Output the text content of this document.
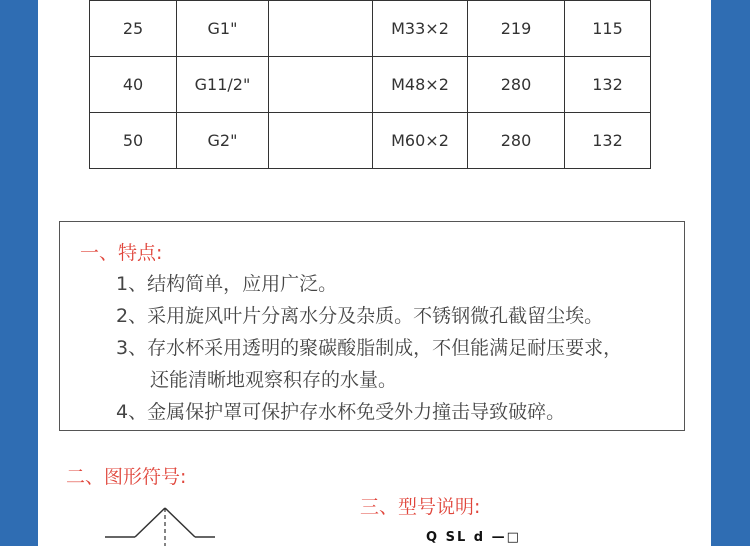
25	G1"		M33×2	219	115
40	G11/2"		M48×2	280	132
50	G2"		M60×2	280	132
一、特点:
1、结构简单，应用广泛。
2、采用旋风叶片分离水分及杂质。不锈钢微孔截留尘埃。
3、存水杯采用透明的聚碳酸脂制成，不但能满足耐压要求，
还能清晰地观察积存的水量。
4、金属保护罩可保护存水杯免受外力撞击导致破碎。
二、图形符号:
三、型号说明:
Q SL d —□
